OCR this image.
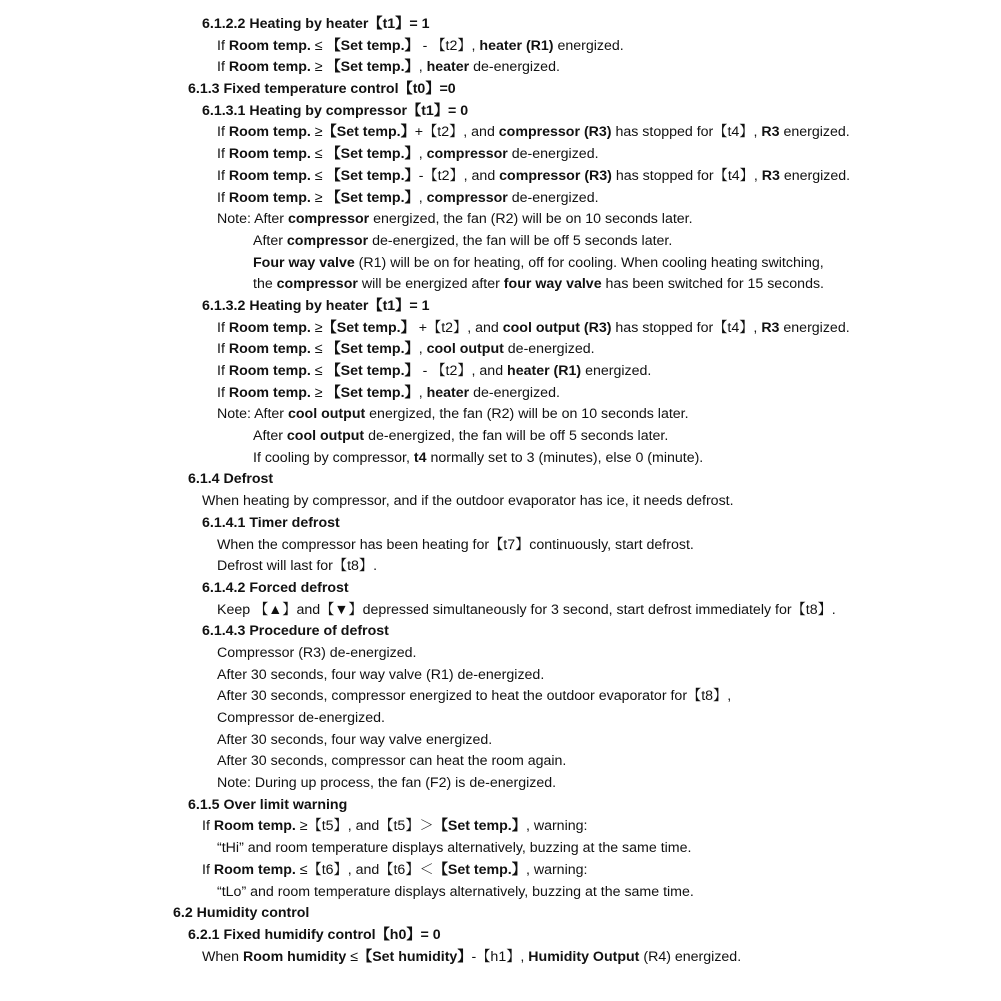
6.1.2.2 Heating by heater【t1】= 1
If Room temp. ≤ 【Set temp.】 - 【t2】, heater (R1) energized.
If Room temp. ≥ 【Set temp.】, heater de-energized.
6.1.3 Fixed temperature control【t0】=0
6.1.3.1 Heating by compressor【t1】= 0
If Room temp. ≥【Set temp.】+【t2】, and compressor (R3) has stopped for【t4】, R3 energized.
If Room temp. ≤ 【Set temp.】, compressor de-energized.
If Room temp. ≤ 【Set temp.】-【t2】, and compressor (R3) has stopped for【t4】, R3 energized.
If Room temp. ≥ 【Set temp.】, compressor de-energized.
Note: After compressor energized, the fan (R2) will be on 10 seconds later.
After compressor de-energized, the fan will be off 5 seconds later.
Four way valve (R1) will be on for heating, off for cooling. When cooling heating switching,
the compressor will be energized after four way valve has been switched for 15 seconds.
6.1.3.2 Heating by heater【t1】= 1
If Room temp. ≥【Set temp.】 +【t2】, and cool output (R3) has stopped for【t4】, R3 energized.
If Room temp. ≤ 【Set temp.】, cool output de-energized.
If Room temp. ≤ 【Set temp.】 - 【t2】, and heater (R1) energized.
If Room temp. ≥ 【Set temp.】, heater de-energized.
Note: After cool output energized, the fan (R2) will be on 10 seconds later.
After cool output de-energized, the fan will be off 5 seconds later.
If cooling by compressor, t4 normally set to 3 (minutes), else 0 (minute).
6.1.4 Defrost
When heating by compressor, and if the outdoor evaporator has ice, it needs defrost.
6.1.4.1 Timer defrost
When the compressor has been heating for【t7】continuously, start defrost.
Defrost will last for【t8】.
6.1.4.2 Forced defrost
Keep 【▲】and【▼】depressed simultaneously for 3 second, start defrost immediately for【t8】.
6.1.4.3 Procedure of defrost
Compressor (R3) de-energized.
After 30 seconds, four way valve (R1) de-energized.
After 30 seconds, compressor energized to heat the outdoor evaporator for【t8】,
Compressor de-energized.
After 30 seconds, four way valve energized.
After 30 seconds, compressor can heat the room again.
Note: During up process, the fan (F2) is de-energized.
6.1.5 Over limit warning
If Room temp. ≥【t5】, and【t5】＞【Set temp.】, warning:
“tHi” and room temperature displays alternatively, buzzing at the same time.
If Room temp. ≤【t6】, and【t6】＜【Set temp.】, warning:
“tLo” and room temperature displays alternatively, buzzing at the same time.
6.2 Humidity control
6.2.1 Fixed humidify control【h0】= 0
When Room humidity ≤【Set humidity】-【h1】, Humidity Output (R4) energized.
